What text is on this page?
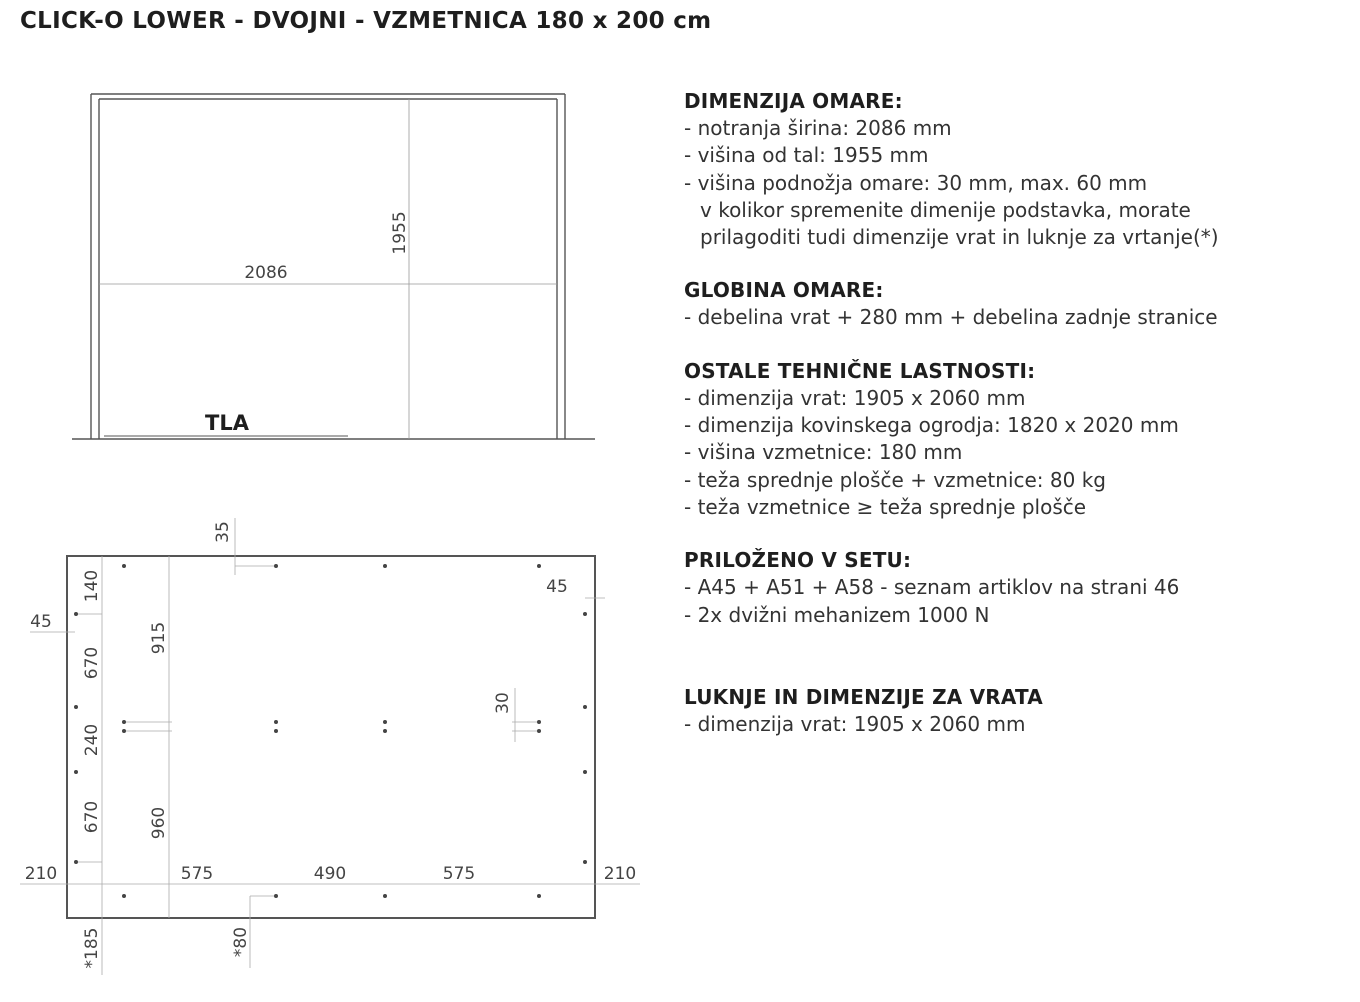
CLICK-O LOWER - DVOJNI - VZMETNICA 180 x 200 cm
2086
1955
TLA
35
45
45
140
670
240
670
915
960
30
210	575	490	575	210
*185	*80
DIMENZIJA OMARE:
- notranja širina: 2086 mm
- višina od tal: 1955 mm
- višina podnožja omare: 30 mm, max. 60 mm
v kolikor spremenite dimenije podstavka, morate
prilagoditi tudi dimenzije vrat in luknje za vrtanje(*)
GLOBINA OMARE:
- debelina vrat + 280 mm + debelina zadnje stranice
OSTALE TEHNIČNE LASTNOSTI:
- dimenzija vrat: 1905 x 2060 mm
- dimenzija kovinskega ogrodja: 1820 x 2020 mm
- višina vzmetnice: 180 mm
- teža sprednje plošče + vzmetnice: 80 kg
- teža vzmetnice ≥ teža sprednje plošče
PRILOŽENO V SETU:
- A45 + A51 + A58 - seznam artiklov na strani 46
- 2x dvižni mehanizem 1000 N
LUKNJE IN DIMENZIJE ZA VRATA
- dimenzija vrat: 1905 x 2060 mm
